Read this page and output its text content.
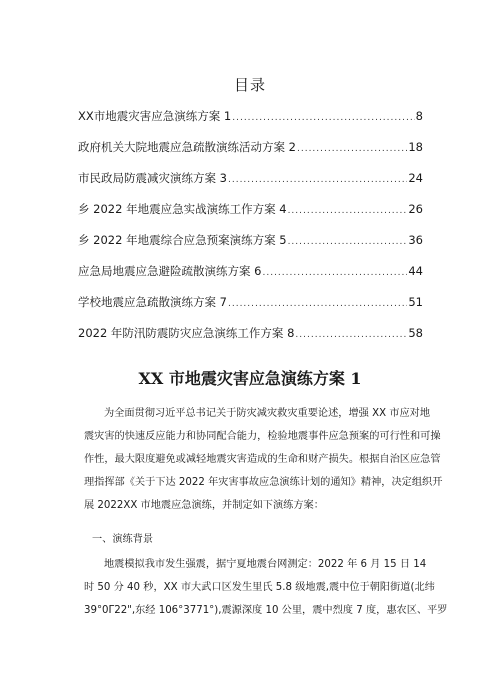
目录
XX市地震灾害应急演练方案 1 .....	8
政府机关大院地震应急疏散演练活动方案 2 .....	18
市民政局防震减灾演练方案 3 .....	24
乡 2022 年地震应急实战演练工作方案 4 .....	26
乡 2022 年地震综合应急预案演练方案 5 .....	36
应急局地震应急避险疏散演练方案 6 .....	44
学校地震应急疏散演练方案 7 .....	51
2022 年防汛防震防灾应急演练工作方案 8 .....	58
XX 市地震灾害应急演练方案 1
为全面贯彻习近平总书记关于防灾减灾救灾重要论述，增强 XX 市应对地
震灾害的快速反应能力和协同配合能力，检验地震事件应急预案的可行性和可操
作性，最大限度避免或减轻地震灾害造成的生命和财产损失。根据自治区应急管
理指挥部《关于下达 2022 年灾害事故应急演练计划的通知》精神，决定组织开
展 2022XX 市地震应急演练，并制定如下演练方案：
一、演练背景
地震模拟我市发生强震，据宁夏地震台网测定：2022 年 6 月 15 日 14
时 50 分 40 秒，XX 市大武口区发生里氏 5.8 级地震,震中位于朝阳街道(北纬
39°0Γ22",东经 106°3771°),震源深度 10 公里，震中烈度 7 度，惠农区、平罗
